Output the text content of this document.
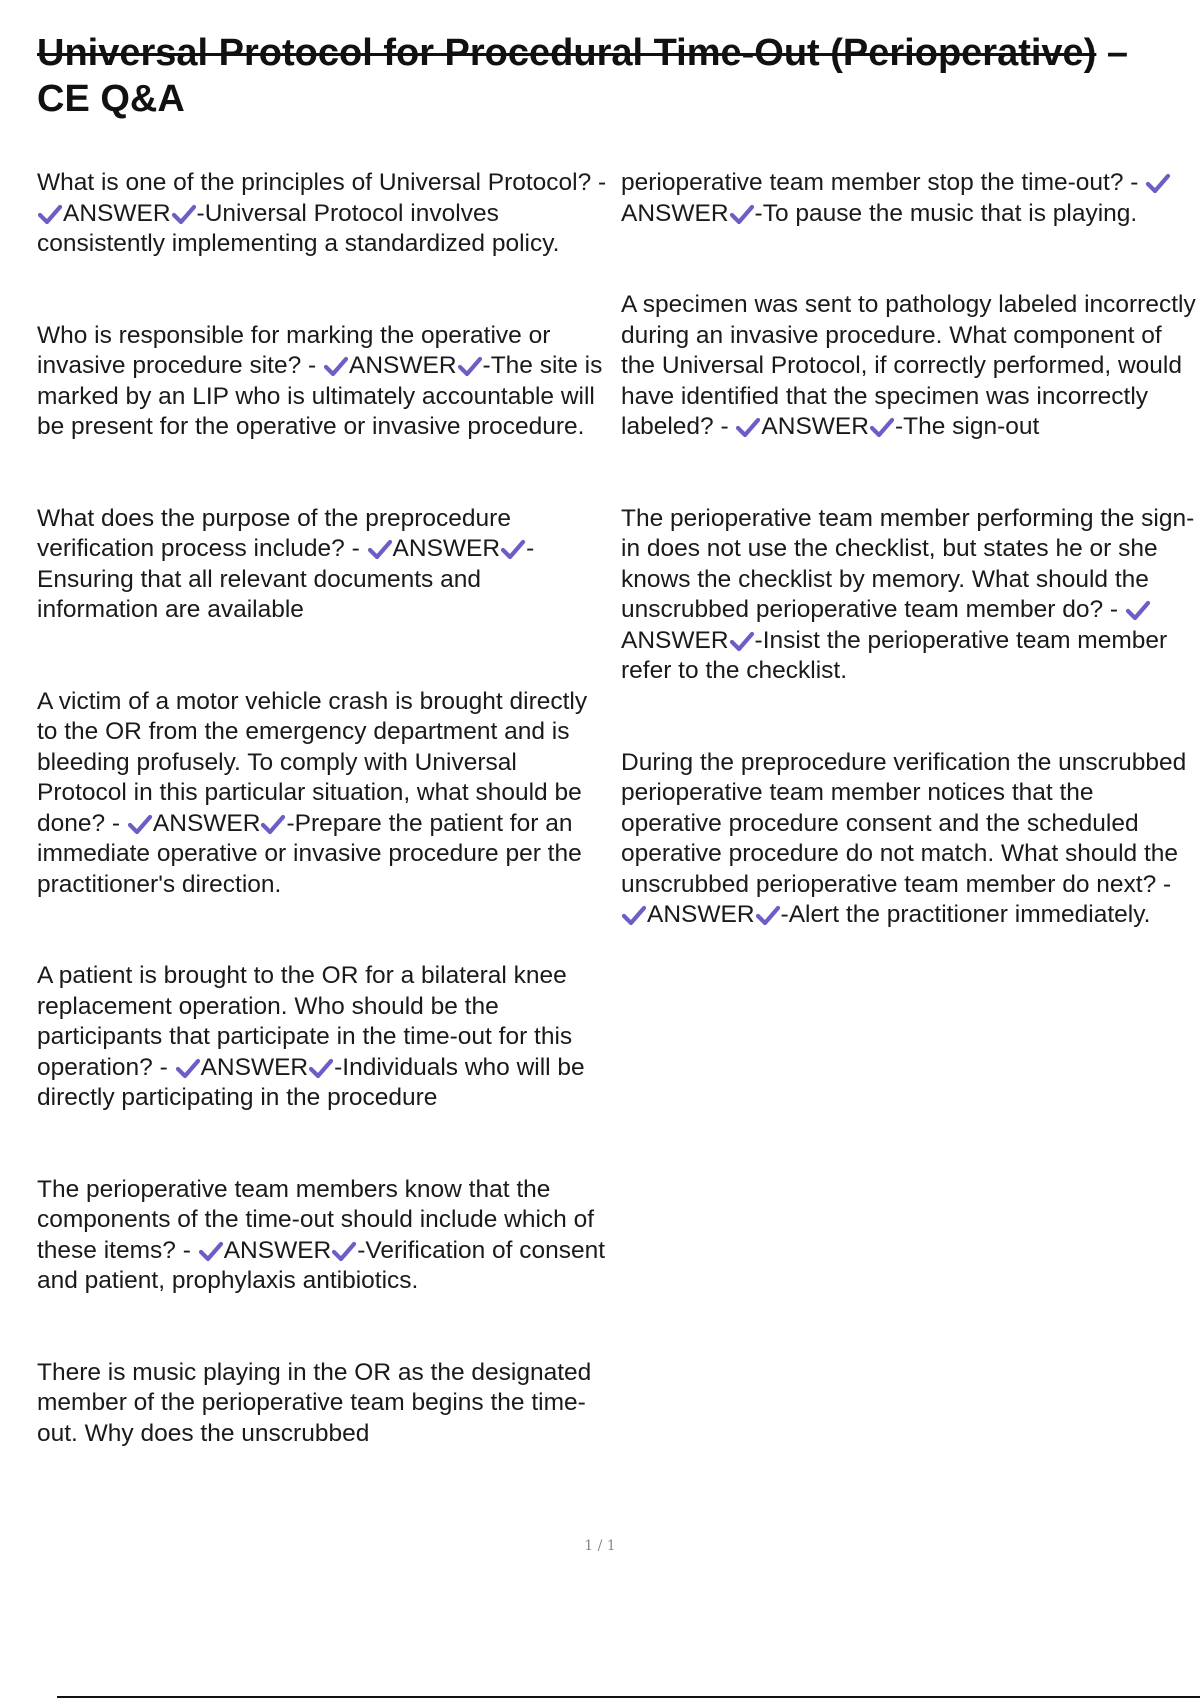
Universal Protocol for Procedural Time-Out (Perioperative) – CE Q&A

What is one of the principles of Universal Protocol? -
ANSWER -Universal Protocol involves consistently implementing a standardized policy.

Who is responsible for marking the operative or invasive procedure site? -
ANSWER -The site is marked by an LIP who is ultimately accountable will be present for the operative or invasive procedure.

What does the purpose of the preprocedure verification process include? -
ANSWER - Ensuring that all relevant documents and information are available

A victim of a motor vehicle crash is brought directly to the OR from the emergency department and is bleeding profusely. To comply with Universal Protocol in this particular situation, what should be done? -
ANSWER -Prepare the patient for an immediate operative or invasive procedure per the practitioner's direction.

A patient is brought to the OR for a bilateral knee replacement operation. Who should be the participants that participate in the time-out for this operation? -
ANSWER -Individuals who will be directly participating in the procedure

The perioperative team members know that the components of the time-out should include which of these items? -
ANSWER -Verification of consent and patient, prophylaxis antibiotics.

There is music playing in the OR as the designated member of the perioperative team begins the time-out. Why does the unscrubbed

perioperative team member stop the time-out? -
ANSWER -To pause the music that is playing.

A specimen was sent to pathology labeled incorrectly during an invasive procedure. What component of the Universal Protocol, if correctly performed, would have identified that the specimen was incorrectly labeled? -
ANSWER -The sign-out

The perioperative team member performing the sign-in does not use the checklist, but states he or she knows the checklist by memory. What should the unscrubbed perioperative team member do? -
ANSWER -Insist the perioperative team member refer to the checklist.

During the preprocedure verification the unscrubbed perioperative team member notices that the operative procedure consent and the scheduled operative procedure do not match. What should the unscrubbed perioperative team member do next? -
ANSWER -Alert the practitioner immediately.

1 / 1
